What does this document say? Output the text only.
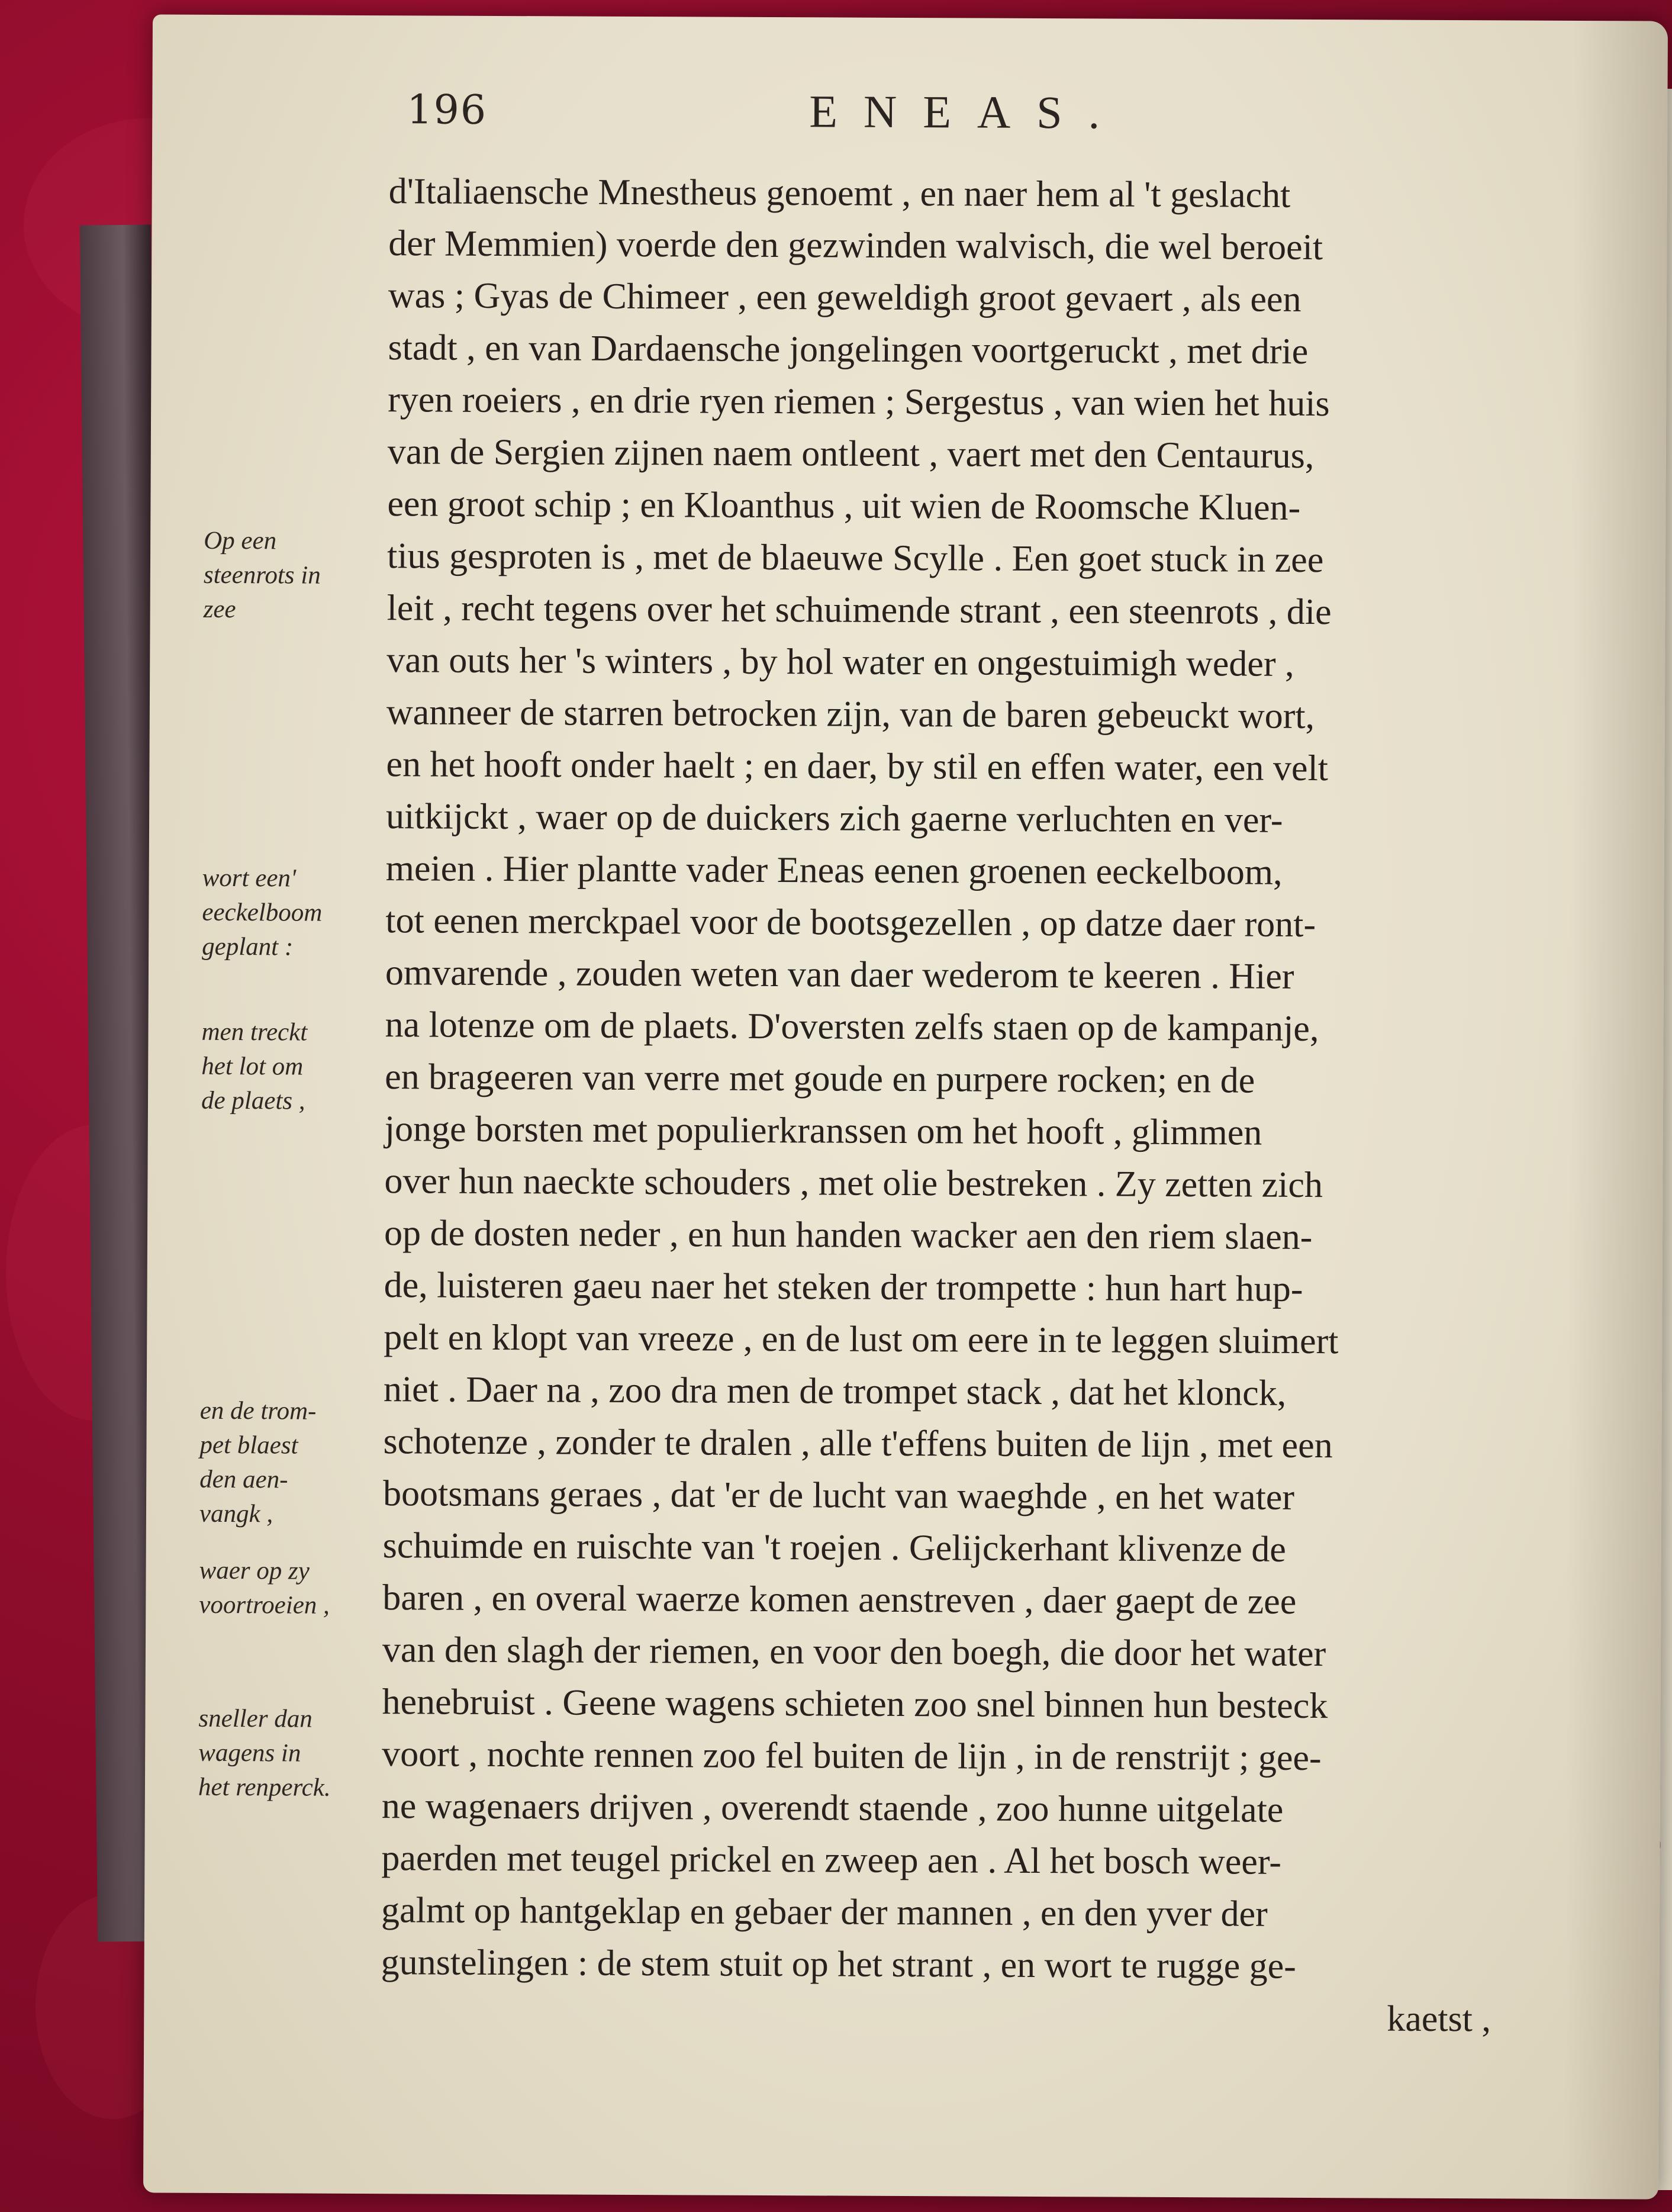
196	ENEAS.
Op een
steenrots in
zee
wort een'
eeckelboom
geplant :
men treckt
het lot om
de plaets ,
en de trom-
pet blaest
den aen-
vangk ,
waer op zy
voortroeien ,
sneller dan
wagens in
het renperck.
d'Italiaensche Mnestheus genoemt , en naer hem al 't geslacht
der Memmien) voerde den gezwinden walvisch, die wel beroeit
was ; Gyas de Chimeer , een geweldigh groot gevaert , als een
stadt , en van Dardaensche jongelingen voortgeruckt , met drie
ryen roeiers , en drie ryen riemen ; Sergestus , van wien het huis
van de Sergien zijnen naem ontleent , vaert met den Centaurus,
een groot schip ; en Kloanthus , uit wien de Roomsche Kluen-
tius gesproten is , met de blaeuwe Scylle . Een goet stuck in zee
leit , recht tegens over het schuimende strant , een steenrots , die
van outs her 's winters , by hol water en ongestuimigh weder ,
wanneer de starren betrocken zijn, van de baren gebeuckt wort,
en het hooft onder haelt ; en daer, by stil en effen water, een velt
uitkijckt , waer op de duickers zich gaerne verluchten en ver-
meien . Hier plantte vader Eneas eenen groenen eeckelboom,
tot eenen merckpael voor de bootsgezellen , op datze daer ront-
omvarende , zouden weten van daer wederom te keeren . Hier
na lotenze om de plaets. D'oversten zelfs staen op de kampanje,
en brageeren van verre met goude en purpere rocken; en de
jonge borsten met populierkranssen om het hooft , glimmen
over hun naeckte schouders , met olie bestreken . Zy zetten zich
op de dosten neder , en hun handen wacker aen den riem slaen-
de, luisteren gaeu naer het steken der trompette : hun hart hup-
pelt en klopt van vreeze , en de lust om eere in te leggen sluimert
niet . Daer na , zoo dra men de trompet stack , dat het klonck,
schotenze , zonder te dralen , alle t'effens buiten de lijn , met een
bootsmans geraes , dat 'er de lucht van waeghde , en het water
schuimde en ruischte van 't roejen . Gelijckerhant klivenze de
baren , en overal waerze komen aenstreven , daer gaept de zee
van den slagh der riemen, en voor den boegh, die door het water
henebruist . Geene wagens schieten zoo snel binnen hun besteck
voort , nochte rennen zoo fel buiten de lijn , in de renstrijt ; gee-
ne wagenaers drijven , overendt staende , zoo hunne uitgelate
paerden met teugel prickel en zweep aen . Al het bosch weer-
galmt op hantgeklap en gebaer der mannen , en den yver der
gunstelingen : de stem stuit op het strant , en wort te rugge ge-
kaetst ,
